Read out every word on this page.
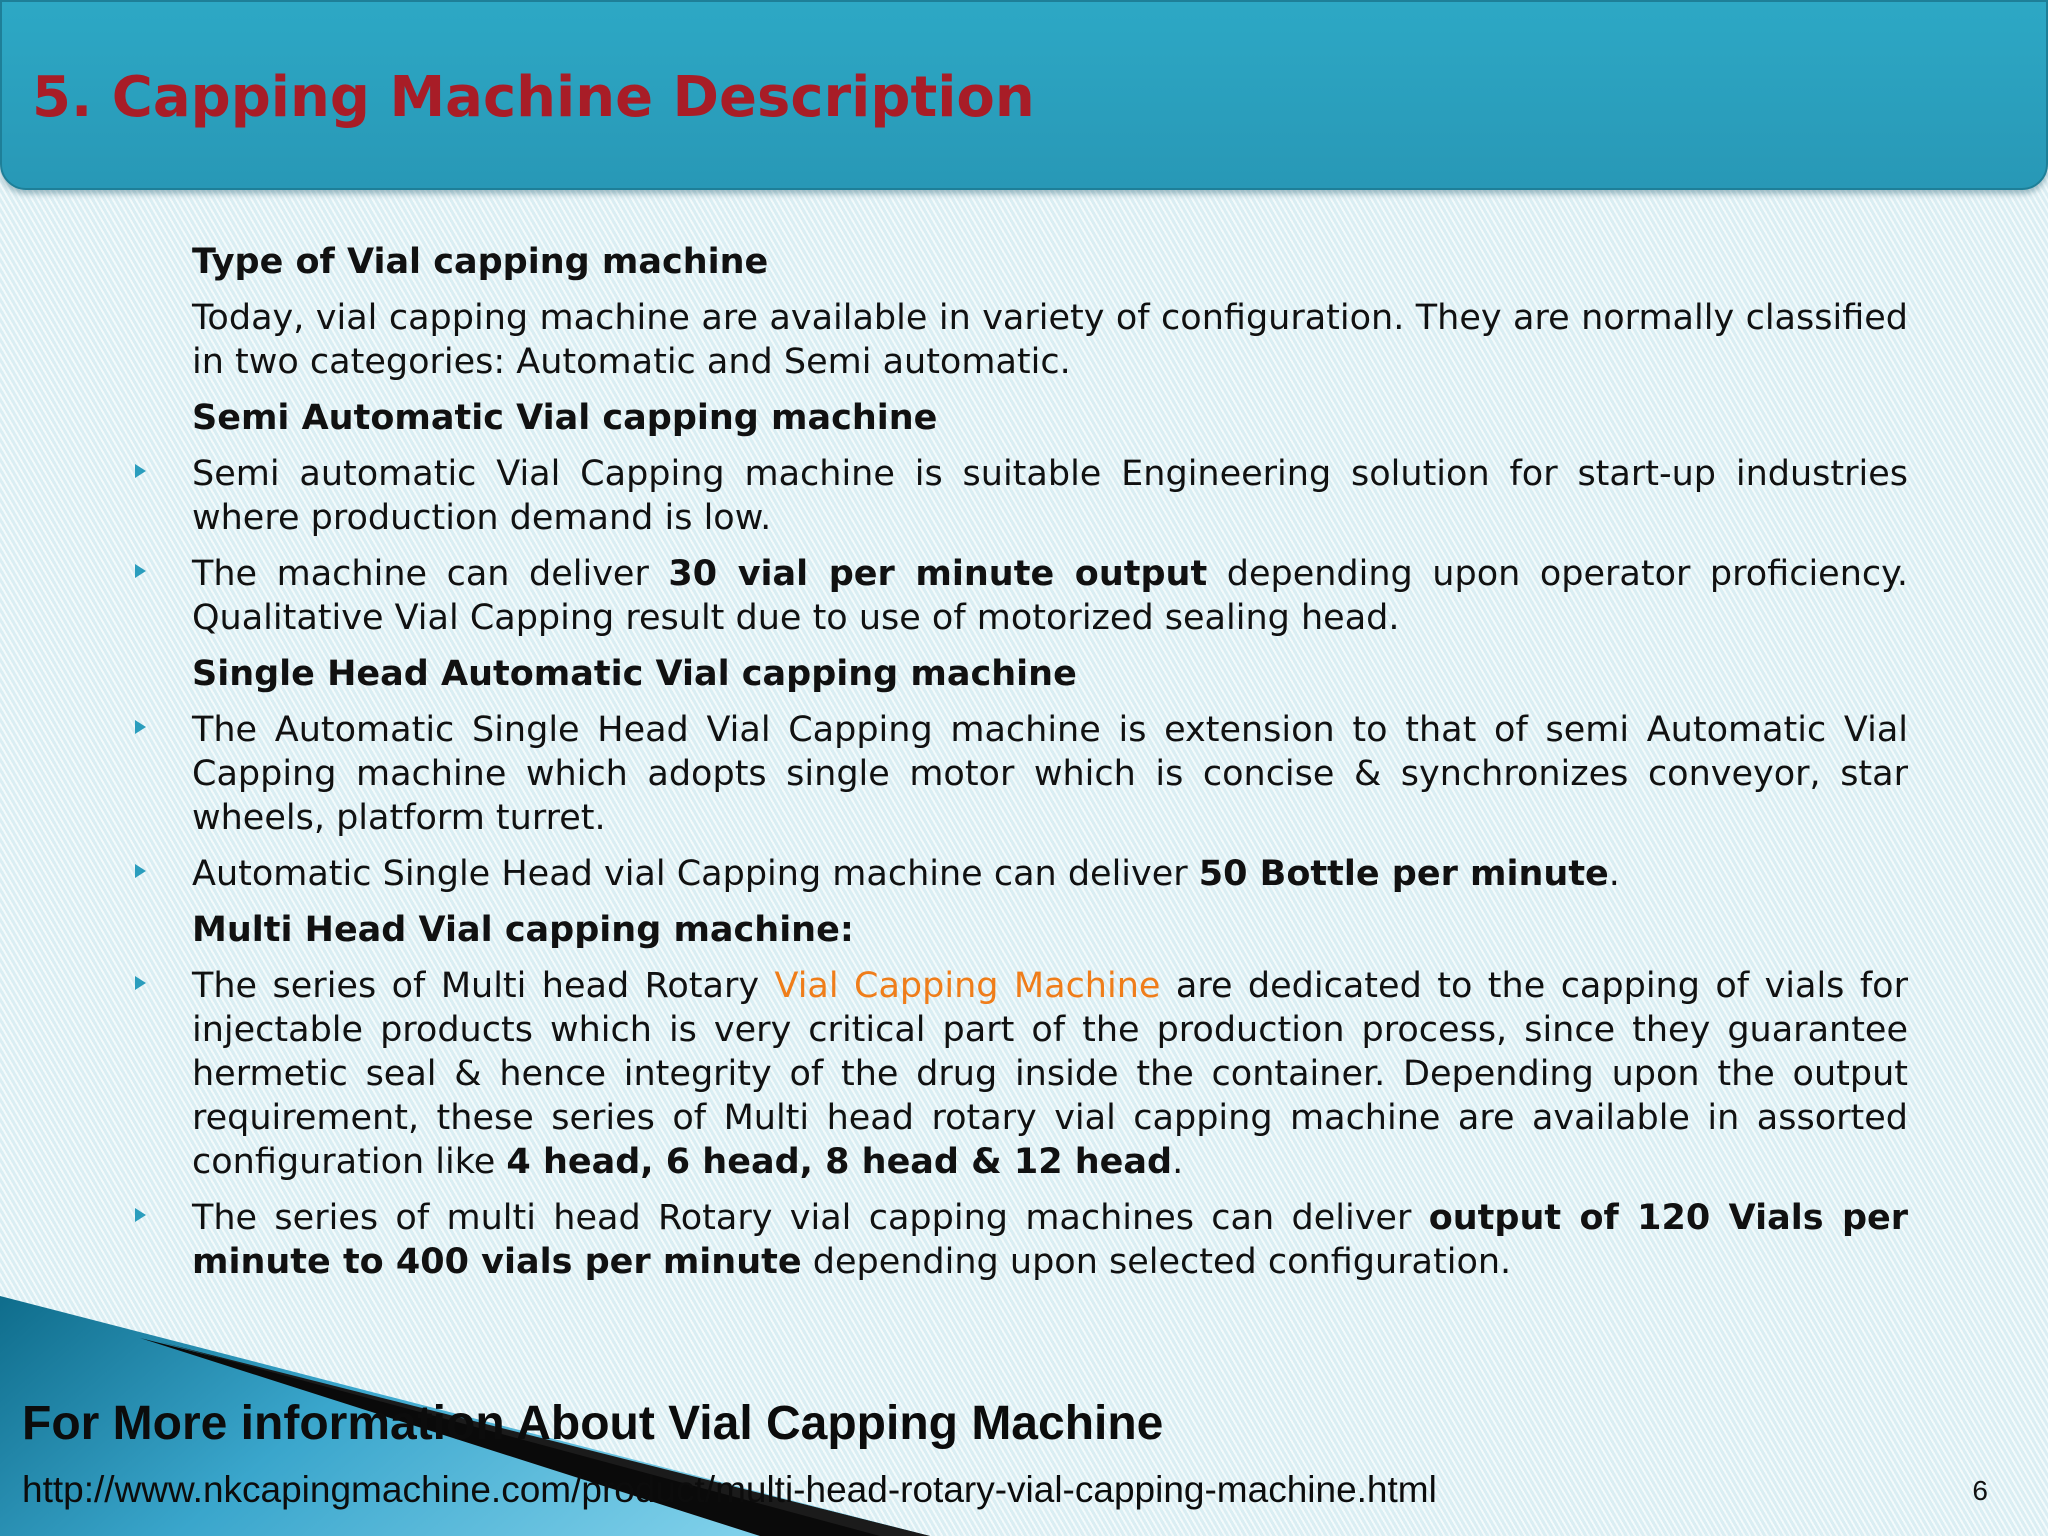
5. Capping Machine Description
Type of Vial capping machine
Today, vial capping machine are available in variety of configuration. They are normally classified in two categories: Automatic and Semi automatic.
Semi Automatic Vial capping machine
Semi automatic Vial Capping machine is suitable Engineering solution for start-up industries where production demand is low.
The machine can deliver 30 vial per minute output depending upon operator proficiency. Qualitative Vial Capping result due to use of motorized sealing head.
Single Head Automatic Vial capping machine
The Automatic Single Head Vial Capping machine is extension to that of semi Automatic Vial Capping machine which adopts single motor which is concise & synchronizes conveyor, star wheels, platform turret.
Automatic Single Head vial Capping machine can deliver 50 Bottle per minute.
Multi Head Vial capping machine:
The series of Multi head Rotary Vial Capping Machine are dedicated to the capping of vials for injectable products which is very critical part of the production process, since they guarantee hermetic seal & hence integrity of the drug inside the container. Depending upon the output requirement, these series of Multi head rotary vial capping machine are available in assorted configuration like 4 head, 6 head, 8 head & 12 head.
The series of multi head Rotary vial capping machines can deliver output of 120 Vials per minute to 400 vials per minute depending upon selected configuration.
For More information About Vial Capping Machine
http://www.nkcapingmachine.com/product/multi-head-rotary-vial-capping-machine.html	6
